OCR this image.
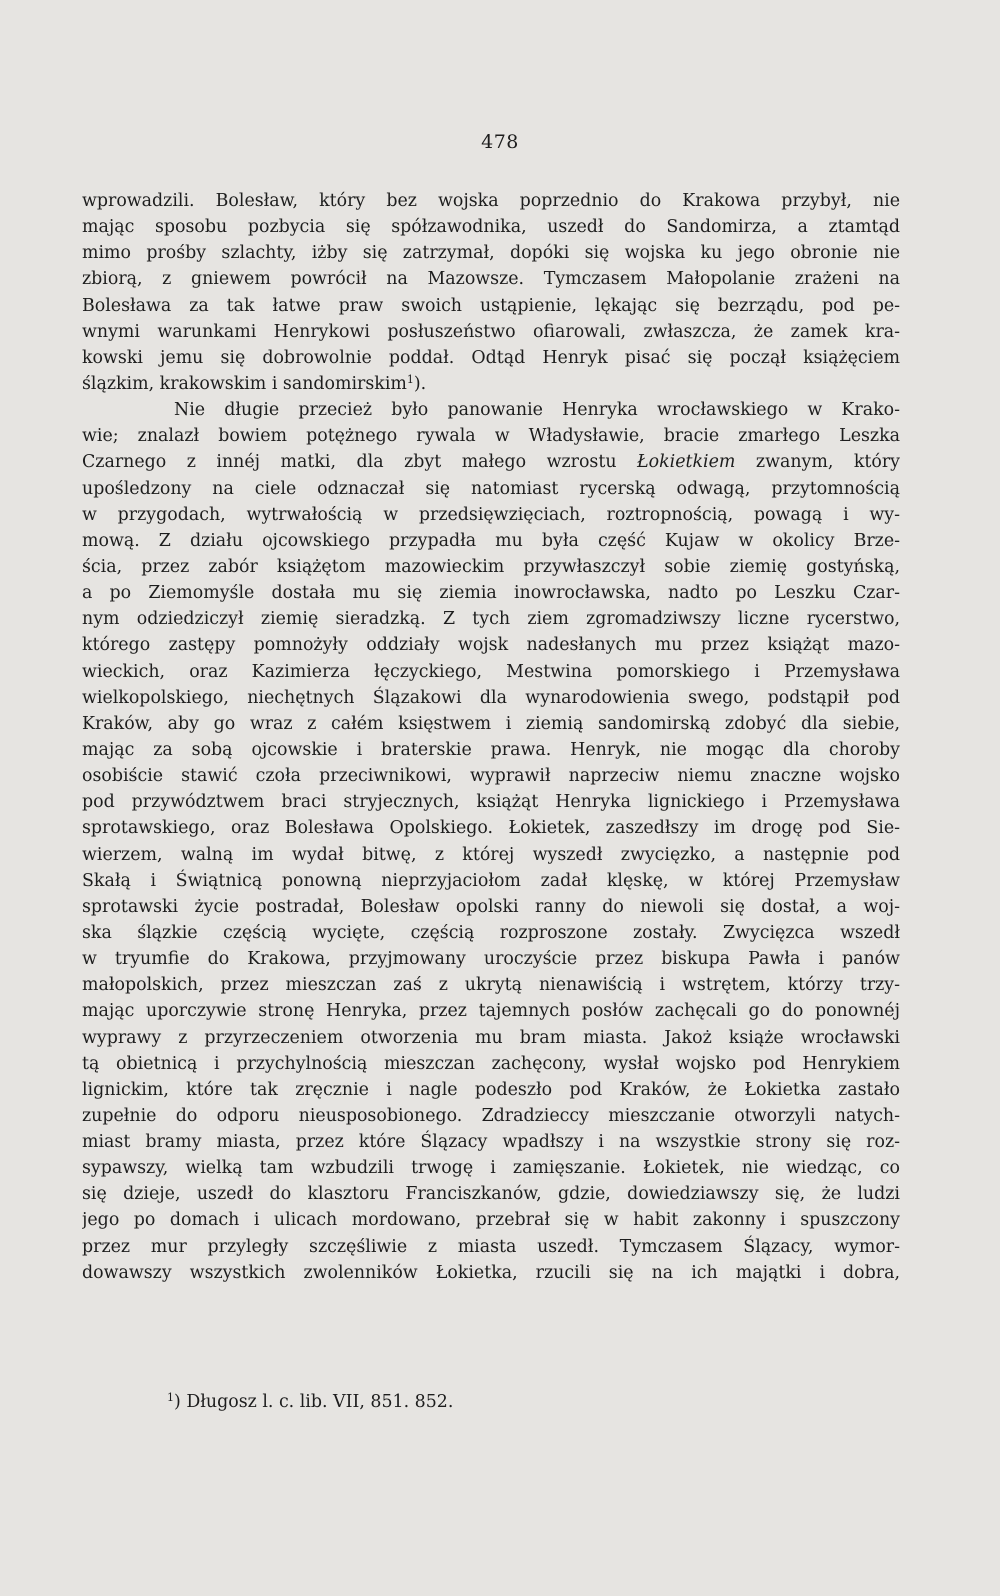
478
wprowadzili. Bolesław, który bez wojska poprzednio do Krakowa przybył, nie
mając sposobu pozbycia się spółzawodnika, uszedł do Sandomirza, a ztamtąd
mimo prośby szlachty, iżby się zatrzymał, dopóki się wojska ku jego obronie nie
zbiorą, z gniewem powrócił na Mazowsze. Tymczasem Małopolanie zrażeni na
Bolesława za tak łatwe praw swoich ustąpienie, lękając się bezrządu, pod pe-
wnymi warunkami Henrykowi posłuszeństwo ofiarowali, zwłaszcza, że zamek kra-
kowski jemu się dobrowolnie poddał. Odtąd Henryk pisać się począł książęciem
ślązkim, krakowskim i sandomirskim$^1$).
Nie długie przecież było panowanie Henryka wrocławskiego w Krako-
wie; znalazł bowiem potężnego rywala w Władysławie, bracie zmarłego Leszka
Czarnego z innéj matki, dla zbyt małego wzrostu Łokietkiem zwanym, który
upośledzony na ciele odznaczał się natomiast rycerską odwagą, przytomnością
w przygodach, wytrwałością w przedsięwzięciach, roztropnością, powagą i wy-
mową. Z działu ojcowskiego przypadła mu była część Kujaw w okolicy Brze-
ścia, przez zabór książętom mazowieckim przywłaszczył sobie ziemię gostyńską,
a po Ziemomyśle dostała mu się ziemia inowrocławska, nadto po Leszku Czar-
nym odziedziczył ziemię sieradzką. Z tych ziem zgromadziwszy liczne rycerstwo,
którego zastępy pomnożyły oddziały wojsk nadesłanych mu przez książąt mazo-
wieckich, oraz Kazimierza łęczyckiego, Mestwina pomorskiego i Przemysława
wielkopolskiego, niechętnych Ślązakowi dla wynarodowienia swego, podstąpił pod
Kraków, aby go wraz z całém księstwem i ziemią sandomirską zdobyć dla siebie,
mając za sobą ojcowskie i braterskie prawa. Henryk, nie mogąc dla choroby
osobiście stawić czoła przeciwnikowi, wyprawił naprzeciw niemu znaczne wojsko
pod przywództwem braci stryjecznych, książąt Henryka lignickiego i Przemysława
sprotawskiego, oraz Bolesława Opolskiego. Łokietek, zaszedłszy im drogę pod Sie-
wierzem, walną im wydał bitwę, z której wyszedł zwycięzko, a następnie pod
Skałą i Świątnicą ponowną nieprzyjaciołom zadał klęskę, w której Przemysław
sprotawski życie postradał, Bolesław opolski ranny do niewoli się dostał, a woj-
ska ślązkie częścią wycięte, częścią rozproszone zostały. Zwycięzca wszedł
w tryumfie do Krakowa, przyjmowany uroczyście przez biskupa Pawła i panów
małopolskich, przez mieszczan zaś z ukrytą nienawiścią i wstrętem, którzy trzy-
mając uporczywie stronę Henryka, przez tajemnych posłów zachęcali go do ponownéj
wyprawy z przyrzeczeniem otworzenia mu bram miasta. Jakoż książe wrocławski
tą obietnicą i przychylnością mieszczan zachęcony, wysłał wojsko pod Henrykiem
lignickim, które tak zręcznie i nagle podeszło pod Kraków, że Łokietka zastało
zupełnie do odporu nieusposobionego. Zdradzieccy mieszczanie otworzyli natych-
miast bramy miasta, przez które Ślązacy wpadłszy i na wszystkie strony się roz-
sypawszy, wielką tam wzbudzili trwogę i zamięszanie. Łokietek, nie wiedząc, co
się dzieje, uszedł do klasztoru Franciszkanów, gdzie, dowiedziawszy się, że ludzi
jego po domach i ulicach mordowano, przebrał się w habit zakonny i spuszczony
przez mur przyległy szczęśliwie z miasta uszedł. Tymczasem Ślązacy, wymor-
dowawszy wszystkich zwolenników Łokietka, rzucili się na ich majątki i dobra,
$^1$) Długosz l. c. lib. VII, 851. 852.
